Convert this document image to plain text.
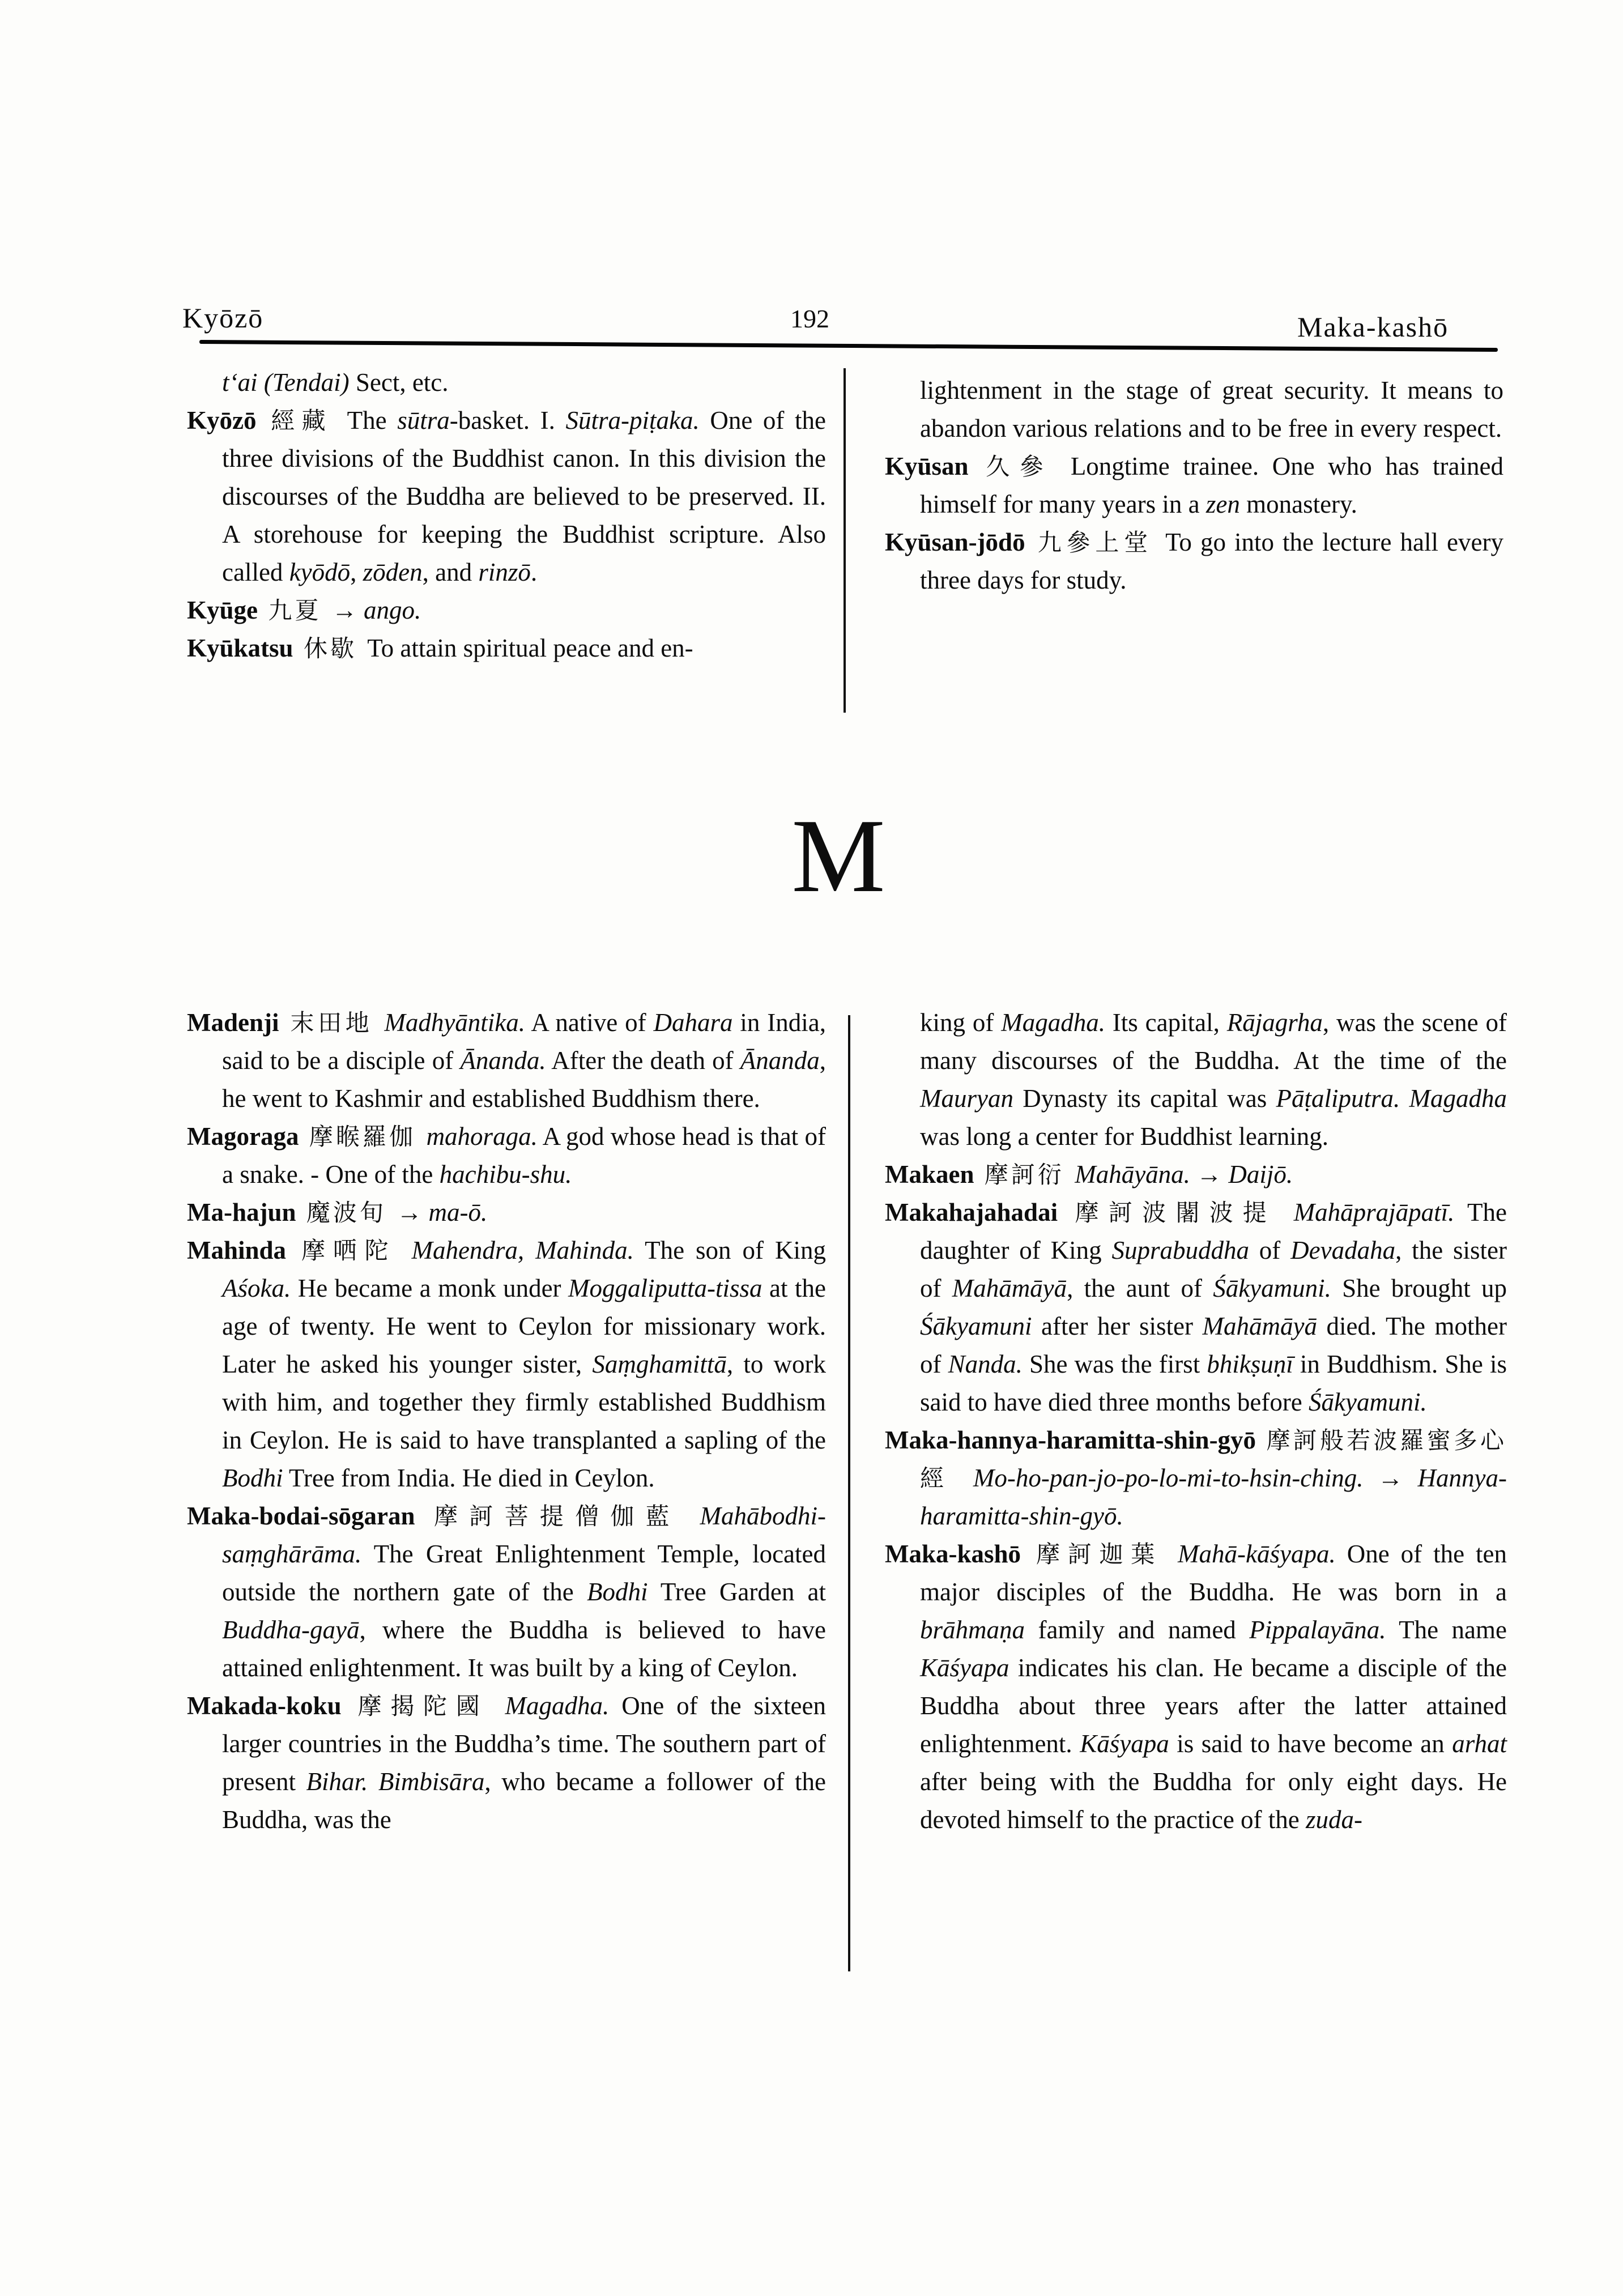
Kyōzō	192	Maka-kashō

t‘ai (Tendai) Sect, etc.

Kyōzō 經藏 The sūtra-basket. I. Sūtra-piṭaka. One of the three divisions of the Buddhist canon. In this division the discourses of the Buddha are believed to be preserved. II. A storehouse for keeping the Buddhist scripture. Also called kyōdō, zōden, and rinzō.

Kyūge 九夏 → ango.

Kyūkatsu 休歇 To attain spiritual peace and en-

lightenment in the stage of great security. It means to abandon various relations and to be free in every respect.

Kyūsan 久參 Longtime trainee. One who has trained himself for many years in a zen monastery.

Kyūsan-jōdō 九參上堂 To go into the lecture hall every three days for study.

M

Madenji 末田地 Madhyāntika. A native of Dahara in India, said to be a disciple of Ānanda. After the death of Ānanda, he went to Kashmir and established Buddhism there.

Magoraga 摩睺羅伽 mahoraga. A god whose head is that of a snake. - One of the hachibu-shu.

Ma-hajun 魔波旬 → ma-ō.

Mahinda 摩哂陀 Mahendra, Mahinda. The son of King Aśoka. He became a monk under Moggaliputta-tissa at the age of twenty. He went to Ceylon for missionary work. Later he asked his younger sister, Saṃghamittā, to work with him, and together they firmly established Buddhism in Ceylon. He is said to have transplanted a sapling of the Bodhi Tree from India. He died in Ceylon.

Maka-bodai-sōgaran 摩訶菩提僧伽藍 Mahābodhi-saṃghārāma. The Great Enlightenment Temple, located outside the northern gate of the Bodhi Tree Garden at Buddha-gayā, where the Buddha is believed to have attained enlightenment. It was built by a king of Ceylon.

Makada-koku 摩揭陀國 Magadha. One of the sixteen larger countries in the Buddha’s time. The southern part of present Bihar. Bimbisāra, who became a follower of the Buddha, was the

king of Magadha. Its capital, Rājagrha, was the scene of many discourses of the Buddha. At the time of the Mauryan Dynasty its capital was Pāṭaliputra. Magadha was long a center for Buddhist learning.

Makaen 摩訶衍 Mahāyāna. → Daijō.

Makahajahadai 摩訶波闍波提 Mahāprajāpatī. The daughter of King Suprabuddha of Devadaha, the sister of Mahāmāyā, the aunt of Śākyamuni. She brought up Śākyamuni after her sister Mahāmāyā died. The mother of Nanda. She was the first bhikṣuṇī in Buddhism. She is said to have died three months before Śākyamuni.

Maka-hannya-haramitta-shin-gyō 摩訶般若波羅蜜多心經 Mo-ho-pan-jo-po-lo-mi-to-hsin-ching. → Hannya-haramitta-shin-gyō.

Maka-kashō 摩訶迦葉 Mahā-kāśyapa. One of the ten major disciples of the Buddha. He was born in a brāhmaṇa family and named Pippalayāna. The name Kāśyapa indicates his clan. He became a disciple of the Buddha about three years after the latter attained enlightenment. Kāśyapa is said to have become an arhat after being with the Buddha for only eight days. He devoted himself to the practice of the zuda-
